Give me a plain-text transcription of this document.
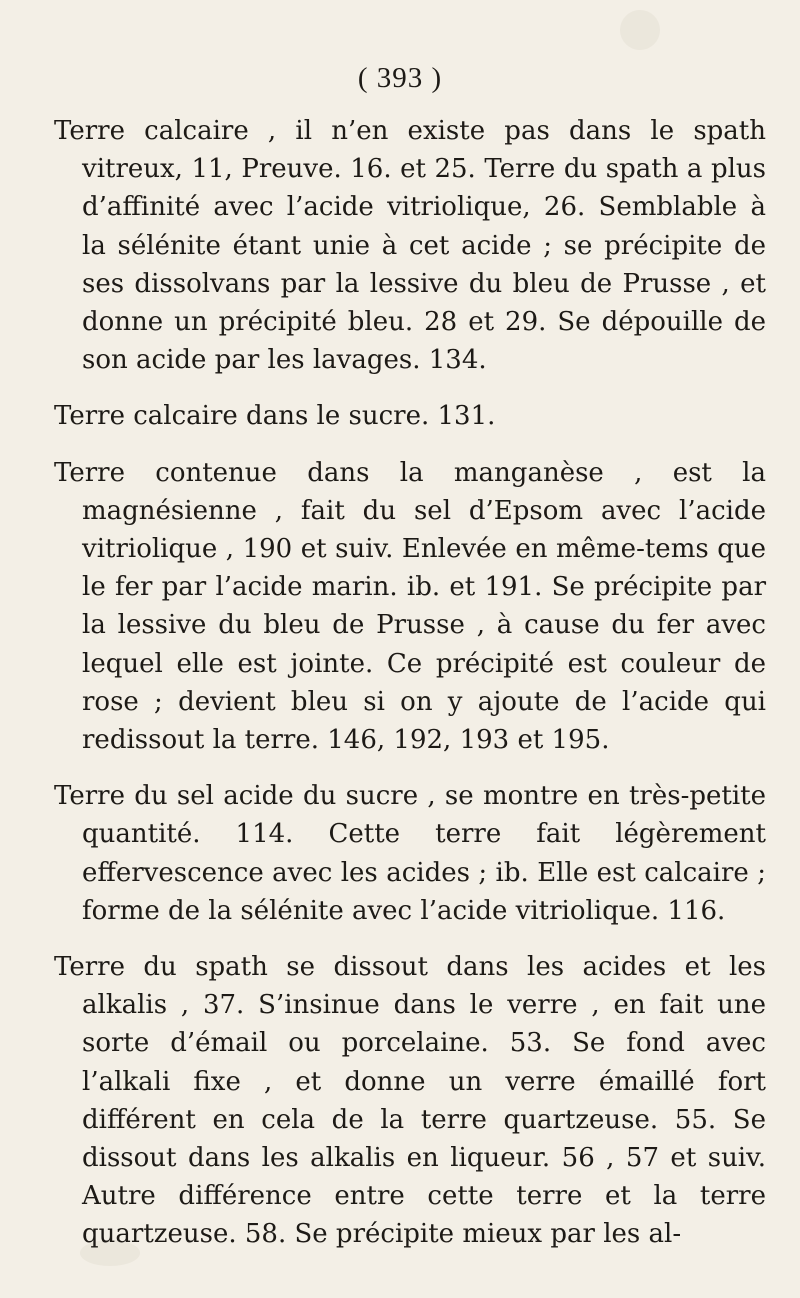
( 393 )

Terre calcaire , il n’en existe pas dans le spath vitreux, 11, Preuve. 16. et 25. Terre du spath a plus d’affinité avec l’acide vitriolique, 26. Semblable à la sélénite étant unie à cet acide ; se précipite de ses dissolvans par la lessive du bleu de Prusse , et donne un précipité bleu. 28 et 29. Se dépouille de son acide par les lavages. 134.

Terre calcaire dans le sucre. 131.

Terre contenue dans la manganèse , est la magnésienne , fait du sel d’Epsom avec l’acide vitriolique , 190 et suiv. Enlevée en même-tems que le fer par l’acide marin. ib. et 191. Se précipite par la lessive du bleu de Prusse , à cause du fer avec lequel elle est jointe. Ce précipité est couleur de rose ; devient bleu si on y ajoute de l’acide qui redissout la terre. 146, 192, 193 et 195.

Terre du sel acide du sucre , se montre en très-petite quantité. 114. Cette terre fait légèrement effervescence avec les acides ; ib. Elle est calcaire ; forme de la sélénite avec l’acide vitriolique. 116.

Terre du spath se dissout dans les acides et les alkalis , 37. S’insinue dans le verre , en fait une sorte d’émail ou porcelaine. 53. Se fond avec l’alkali fixe , et donne un verre émaillé fort différent en cela de la terre quartzeuse. 55. Se dissout dans les alkalis en liqueur. 56 , 57 et suiv. Autre différence entre cette terre et la terre quartzeuse. 58. Se précipite mieux par les al-
